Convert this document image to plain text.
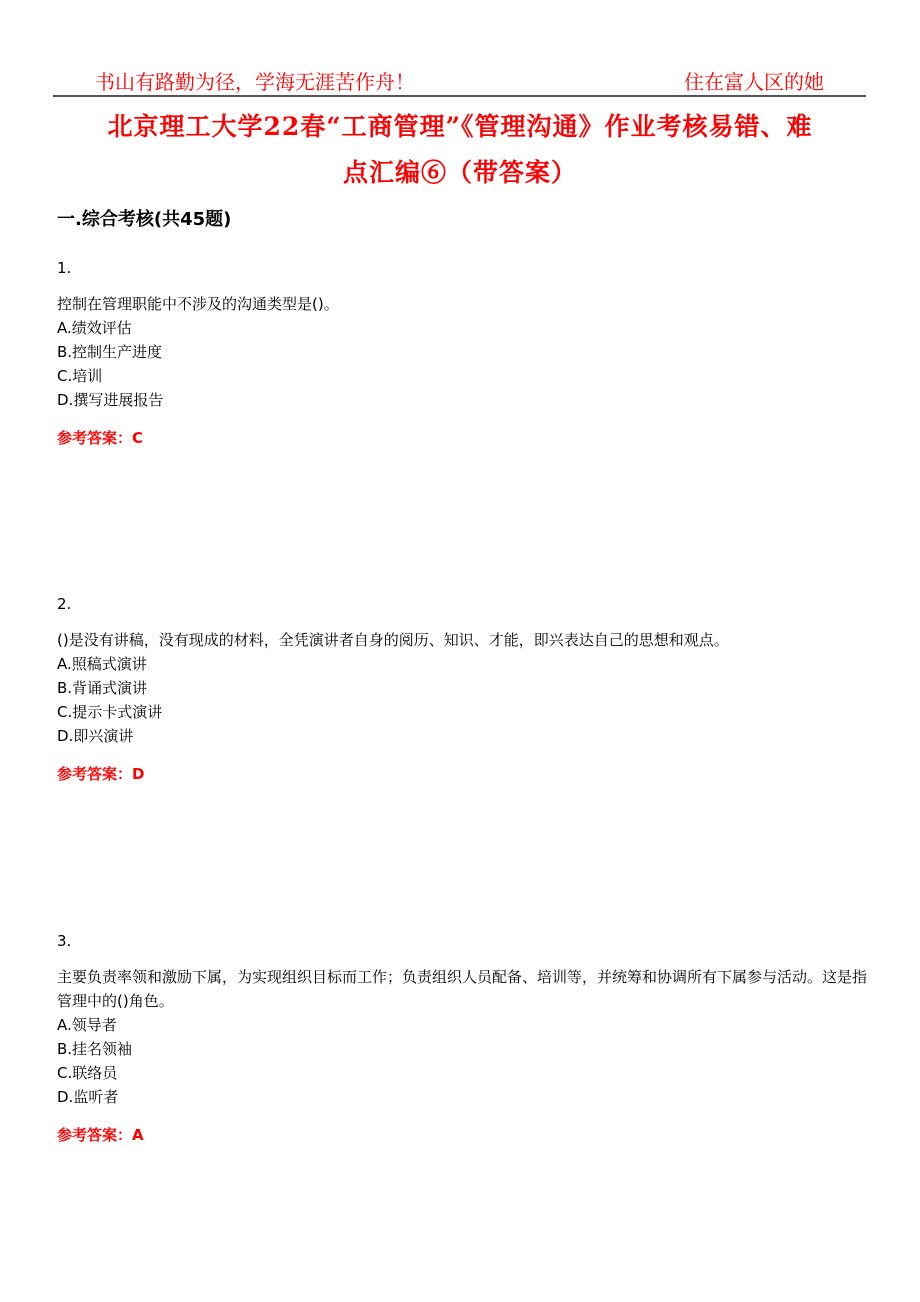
书山有路勤为径，学海无涯苦作舟！	住在富人区的她
北京理工大学22春“工商管理”《管理沟通》作业考核易错、难
点汇编⑥（带答案）
一.综合考核(共45题)
1.
控制在管理职能中不涉及的沟通类型是()。
A.绩效评估
B.控制生产进度
C.培训
D.撰写进展报告
参考答案：C
2.
()是没有讲稿，没有现成的材料，全凭演讲者自身的阅历、知识、才能，即兴表达自己的思想和观点。
A.照稿式演讲
B.背诵式演讲
C.提示卡式演讲
D.即兴演讲
参考答案：D
3.
主要负责率领和激励下属，为实现组织目标而工作；负责组织人员配备、培训等，并统筹和协调所有下属参与活动。这是指管理中的()角色。
A.领导者
B.挂名领袖
C.联络员
D.监听者
参考答案：A
